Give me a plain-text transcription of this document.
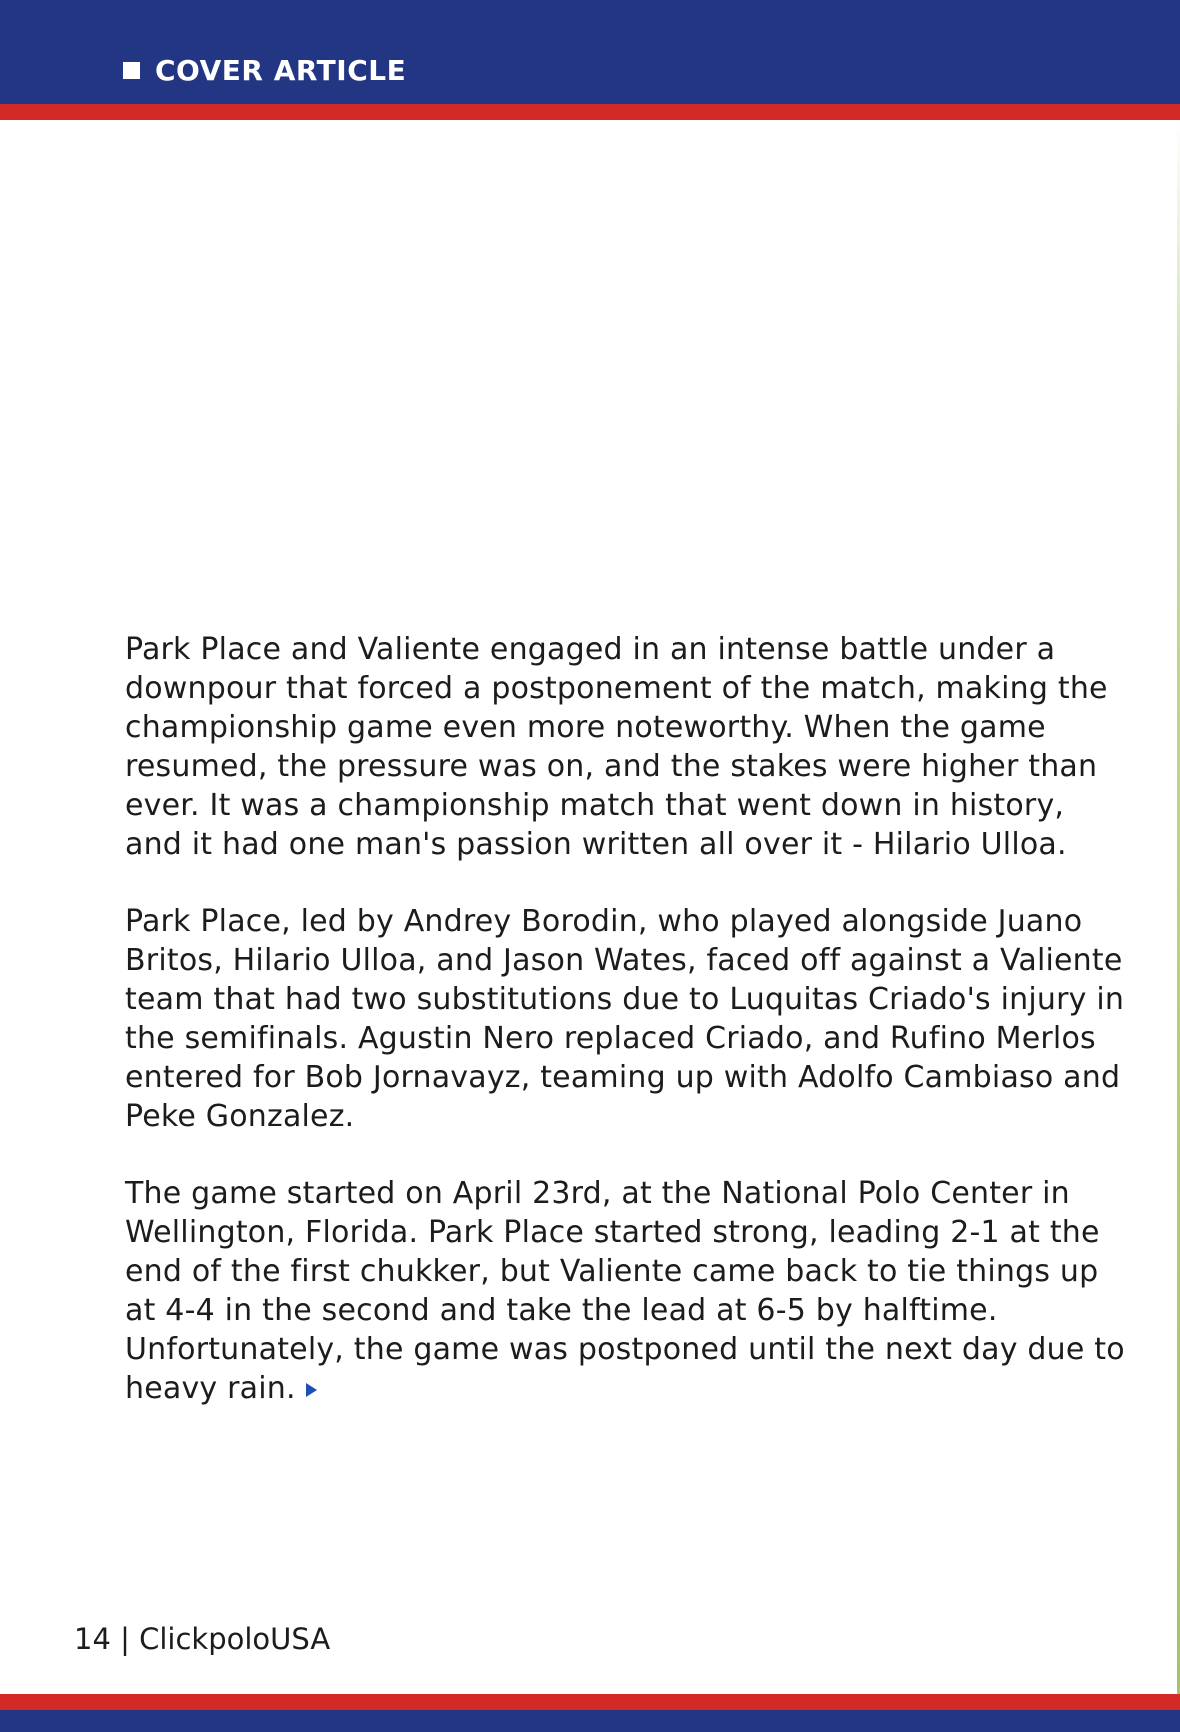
COVER ARTICLE

Park Place and Valiente engaged in an intense battle under a downpour that forced a postponement of the match, making the championship game even more noteworthy. When the game resumed, the pressure was on, and the stakes were higher than ever. It was a championship match that went down in history, and it had one man's passion written all over it - Hilario Ulloa.

Park Place, led by Andrey Borodin, who played alongside Juano Britos, Hilario Ulloa, and Jason Wates, faced off against a Valiente team that had two substitutions due to Luquitas Criado's injury in the semifinals. Agustin Nero replaced Criado, and Rufino Merlos entered for Bob Jornavayz, teaming up with Adolfo Cambiaso and Peke Gonzalez.

The game started on April 23rd, at the National Polo Center in Wellington, Florida. Park Place started strong, leading 2-1 at the end of the first chukker, but Valiente came back to tie things up at 4-4 in the second and take the lead at 6-5 by halftime. Unfortunately, the game was postponed until the next day due to heavy rain.

14 | ClickpoloUSA
